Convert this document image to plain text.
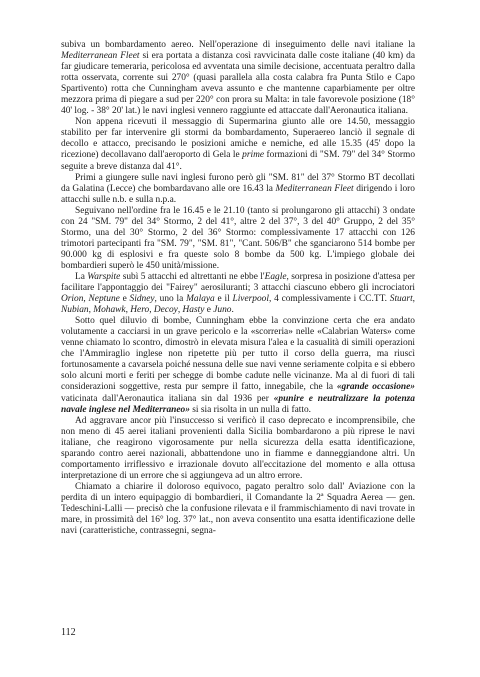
subiva un bombardamento aereo. Nell'operazione di inseguimento delle navi italiane la Mediterranean Fleet si era portata a distanza così ravvicinata dalle coste italiane (40 km) da far giudicare temeraria, pericolosa ed avventata una simile decisione, accentuata peraltro dalla rotta osservata, corrente sui 270° (quasi parallela alla costa calabra fra Punta Stilo e Capo Spartivento) rotta che Cunningham aveva assunto e che mantenne caparbiamente per oltre mezzora prima di piegare a sud per 220° con prora su Malta: in tale favorevole posizione (18° 40' log. - 38° 20' lat.) le navi inglesi vennero raggiunte ed attaccate dall'Aeronautica italiana.

Non appena ricevuti il messaggio di Supermarina giunto alle ore 14.50, messaggio stabilito per far intervenire gli stormi da bombardamento, Superaereo lanciò il segnale di decollo e attacco, precisando le posizioni amiche e nemiche, ed alle 15.35 (45' dopo la ricezione) decollavano dall'aeroporto di Gela le prime formazioni di "SM. 79" del 34° Stormo seguite a breve distanza dal 41°.

Primi a giungere sulle navi inglesi furono però gli "SM. 81" del 37° Stormo BT decollati da Galatina (Lecce) che bombardavano alle ore 16.43 la Mediterranean Fleet dirigendo i loro attacchi sulle n.b. e sulla n.p.a.

Seguivano nell'ordine fra le 16.45 e le 21.10 (tanto si prolungarono gli attacchi) 3 ondate con 24 "SM. 79" del 34° Stormo, 2 del 41°, altre 2 del 37°, 3 del 40° Gruppo, 2 del 35° Stormo, una del 30° Stormo, 2 del 36° Stormo: complessivamente 17 attacchi con 126 trimotori partecipanti fra "SM. 79", "SM. 81", "Cant. 506/B" che sganciarono 514 bombe per 90.000 kg di esplosivi e fra queste solo 8 bombe da 500 kg. L'impiego globale dei bombardieri superò le 450 unità/missione.

La Warspite subì 5 attacchi ed altrettanti ne ebbe l'Eagle, sorpresa in posizione d'attesa per facilitare l'appontaggio dei "Fairey" aerosiluranti; 3 attacchi ciascuno ebbero gli incrociatori Orion, Neptune e Sidney, uno la Malaya e il Liverpool, 4 complessivamente i CC.TT. Stuart, Nubian, Mohawk, Hero, Decoy, Hasty e Juno.

Sotto quel diluvio di bombe, Cunningham ebbe la convinzione certa che era andato volutamente a cacciarsi in un grave pericolo e la «scorreria» nelle «Calabrian Waters» come venne chiamato lo scontro, dimostrò in elevata misura l'alea e la casualità di simili operazioni che l'Ammiraglio inglese non ripetette più per tutto il corso della guerra, ma riuscì fortunosamente a cavarsela poiché nessuna delle sue navi venne seriamente colpita e si ebbero solo alcuni morti e feriti per schegge di bombe cadute nelle vicinanze. Ma al di fuori di tali considerazioni soggettive, resta pur sempre il fatto, innegabile, che la «grande occasione» vaticinata dall'Aeronautica italiana sin dal 1936 per «punire e neutralizzare la potenza navale inglese nel Mediterraneo» si sia risolta in un nulla di fatto.

Ad aggravare ancor più l'insuccesso si verificò il caso deprecato e incomprensibile, che non meno di 45 aerei italiani provenienti dalla Sicilia bombardarono a più riprese le navi italiane, che reagirono vigorosamente pur nella sicurezza della esatta identificazione, sparando contro aerei nazionali, abbattendone uno in fiamme e danneggiandone altri. Un comportamento irriflessivo e irrazionale dovuto all'eccitazione del momento e alla ottusa interpretazione di un errore che si aggiungeva ad un altro errore.

Chiamato a chiarire il doloroso equivoco, pagato peraltro solo dall' Aviazione con la perdita di un intero equipaggio di bombardieri, il Comandante la 2ª Squadra Aerea — gen. Tedeschini-Lalli — precisò che la confusione rilevata e il frammischiamento di navi trovate in mare, in prossimità del 16° log. 37° lat., non aveva consentito una esatta identificazione delle navi (caratteristiche, contrassegni, segna-

112
